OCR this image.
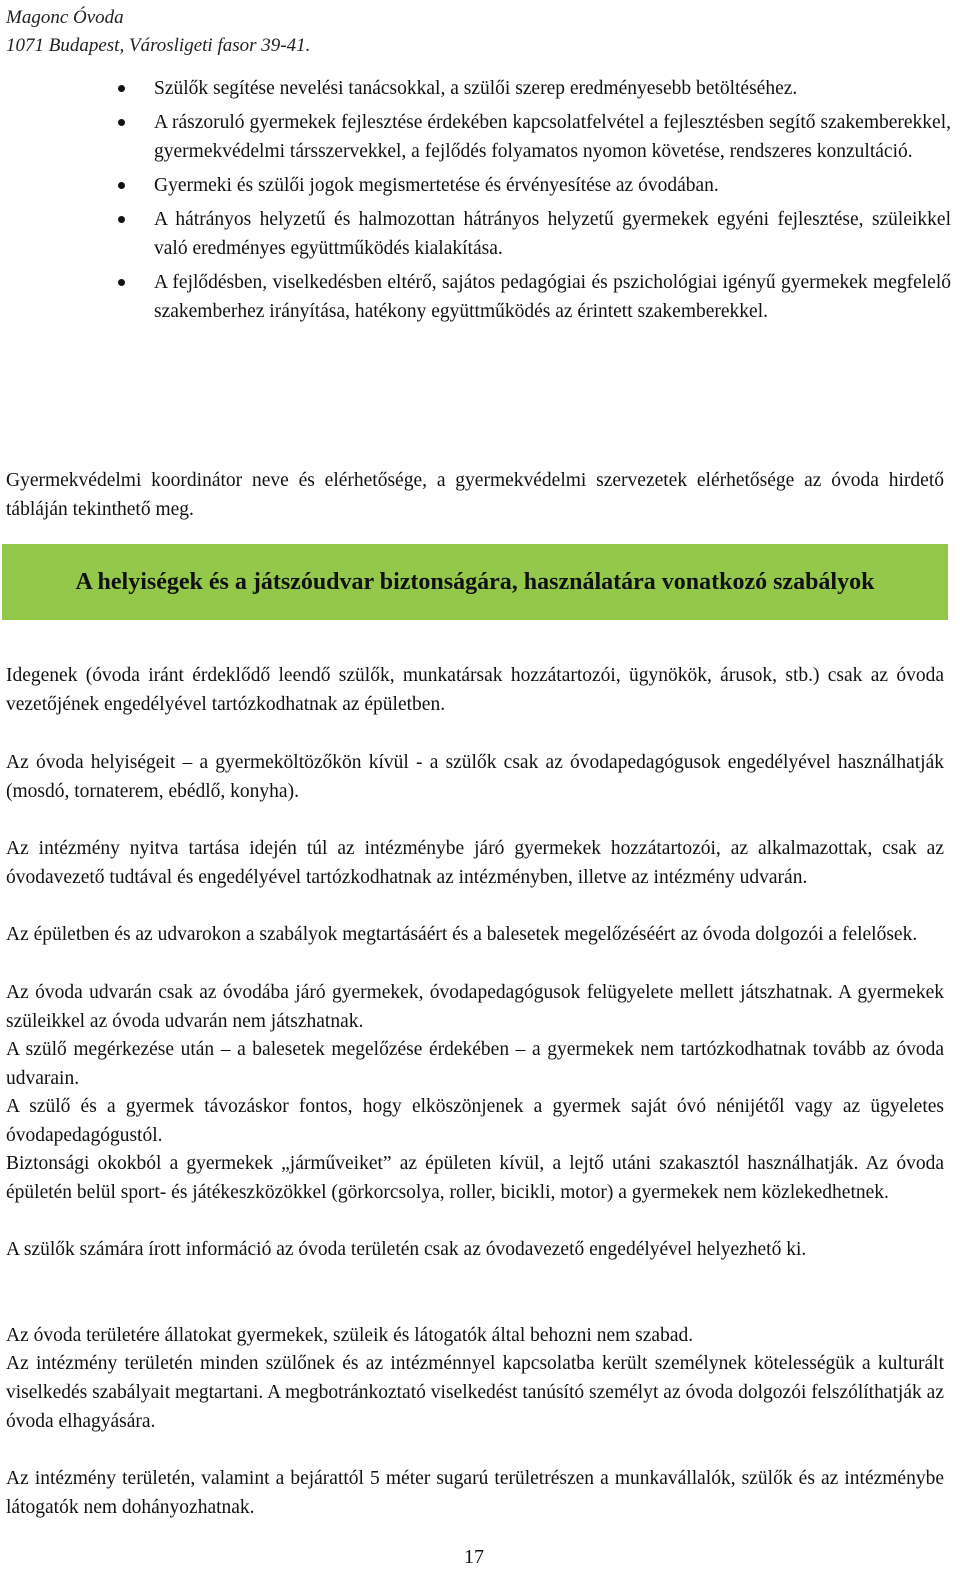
Magonc Óvoda
1071 Budapest, Városligeti fasor 39-41.
Szülők segítése nevelési tanácsokkal, a szülői szerep eredményesebb betöltéséhez.
A rászoruló gyermekek fejlesztése érdekében kapcsolatfelvétel a fejlesztésben segítő szakemberekkel, gyermekvédelmi társszervekkel, a fejlődés folyamatos nyomon követése, rendszeres konzultáció.
Gyermeki és szülői jogok megismertetése és érvényesítése az óvodában.
A hátrányos helyzetű és halmozottan hátrányos helyzetű gyermekek egyéni fejlesztése, szüleikkel való eredményes együttműködés kialakítása.
A fejlődésben, viselkedésben eltérő, sajátos pedagógiai és pszichológiai igényű gyermekek megfelelő szakemberhez irányítása, hatékony együttműködés az érintett szakemberekkel.

Gyermekvédelmi koordinátor neve és elérhetősége, a gyermekvédelmi szervezetek elérhetősége az óvoda hirdető tábláján tekinthető meg.

A helyiségek és a játszóudvar biztonságára, használatára vonatkozó szabályok

Idegenek (óvoda iránt érdeklődő leendő szülők, munkatársak hozzátartozói, ügynökök, árusok, stb.) csak az óvoda vezetőjének engedélyével tartózkodhatnak az épületben.

Az óvoda helyiségeit – a gyermeköltözőkön kívül - a szülők csak az óvodapedagógusok engedélyével használhatják (mosdó, tornaterem, ebédlő, konyha).

Az intézmény nyitva tartása idején túl az intézménybe járó gyermekek hozzátartozói, az alkalmazottak, csak az óvodavezető tudtával és engedélyével tartózkodhatnak az intézményben, illetve az intézmény udvarán.

Az épületben és az udvarokon a szabályok megtartásáért és a balesetek megelőzéséért az óvoda dolgozói a felelősek.

Az óvoda udvarán csak az óvodába járó gyermekek, óvodapedagógusok felügyelete mellett játszhatnak. A gyermekek szüleikkel az óvoda udvarán nem játszhatnak.

A szülő megérkezése után – a balesetek megelőzése érdekében – a gyermekek nem tartózkodhatnak tovább az óvoda udvarain.

A szülő és a gyermek távozáskor fontos, hogy elköszönjenek a gyermek saját óvó nénijétől vagy az ügyeletes óvodapedagógustól.

Biztonsági okokból a gyermekek „járműveiket” az épületen kívül, a lejtő utáni szakasztól használhatják. Az óvoda épületén belül sport- és játékeszközökkel (görkorcsolya, roller, bicikli, motor) a gyermekek nem közlekedhetnek.

A szülők számára írott információ az óvoda területén csak az óvodavezető engedélyével helyezhető ki.

Az óvoda területére állatokat gyermekek, szüleik és látogatók által behozni nem szabad.

Az intézmény területén minden szülőnek és az intézménnyel kapcsolatba került személynek kötelességük a kulturált viselkedés szabályait megtartani. A megbotránkoztató viselkedést tanúsító személyt az óvoda dolgozói felszólíthatják az óvoda elhagyására.

Az intézmény területén, valamint a bejárattól 5 méter sugarú területrészen a munkavállalók, szülők és az intézménybe látogatók nem dohányozhatnak.

17
